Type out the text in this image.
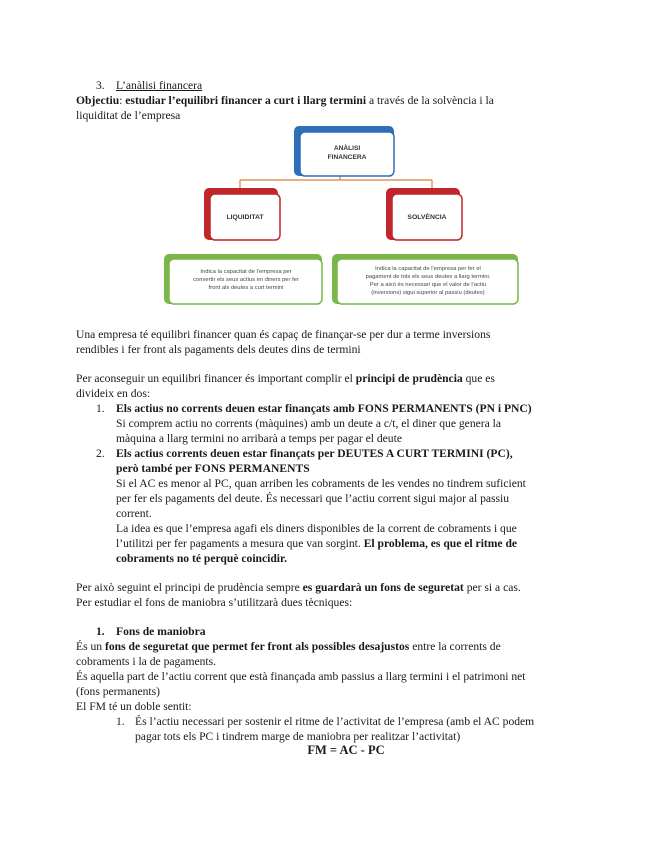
3. L’anàlisi financera
Objectiu: estudiar l’equilibri financer a curt i llarg termini a través de la solvència i la
liquiditat de l’empresa
ANÀLISI
FINANCERA
LIQUIDITAT	SOLVÈNCIA
Indica la capacitat de l’empresa per
convertir els seus actius en diners per fer
front als deutes a curt termini
Indica la capacitat de l’empresa per fer el
pagament de tots els seus deutes a llarg termini.
Per a això és necessari que el valor de l’actiu
(inversions) sigui superior al passiu (deutes)
Una empresa té equilibri financer quan és capaç de finançar-se per dur a terme inversions
rendibles i fer front als pagaments dels deutes dins de termini
Per aconseguir un equilibri financer és important complir el principi de prudència que es
divideix en dos:
1. Els actius no corrents deuen estar finançats amb FONS PERMANENTS (PN i PNC)
Si comprem actiu no corrents (màquines) amb un deute a c/t, el diner que genera la
màquina a llarg termini no arribarà a temps per pagar el deute
2. Els actius corrents deuen estar finançats per DEUTES A CURT TERMINI (PC),
però també per FONS PERMANENTS
Si el AC es menor al PC, quan arriben les cobraments de les vendes no tindrem suficient
per fer els pagaments del deute. És necessari que l’actiu corrent sigui major al passiu
corrent.
La idea es que l’empresa agafi els diners disponibles de la corrent de cobraments i que
l’utilitzi per fer pagaments a mesura que van sorgint. El problema, es que el ritme de
cobraments no té perquè coincidir.
Per això seguint el principi de prudència sempre es guardarà un fons de seguretat per si a cas.
Per estudiar el fons de maniobra s’utilitzarà dues tècniques:
1. Fons de maniobra
És un fons de seguretat que permet fer front als possibles desajustos entre la corrents de
cobraments i la de pagaments.
És aquella part de l’actiu corrent que està finançada amb passius a llarg termini i el patrimoni net
(fons permanents)
El FM té un doble sentit:
1. És l’actiu necessari per sostenir el ritme de l’activitat de l’empresa (amb el AC podem
pagar tots els PC i tindrem marge de maniobra per realitzar l’activitat)
FM = AC - PC
